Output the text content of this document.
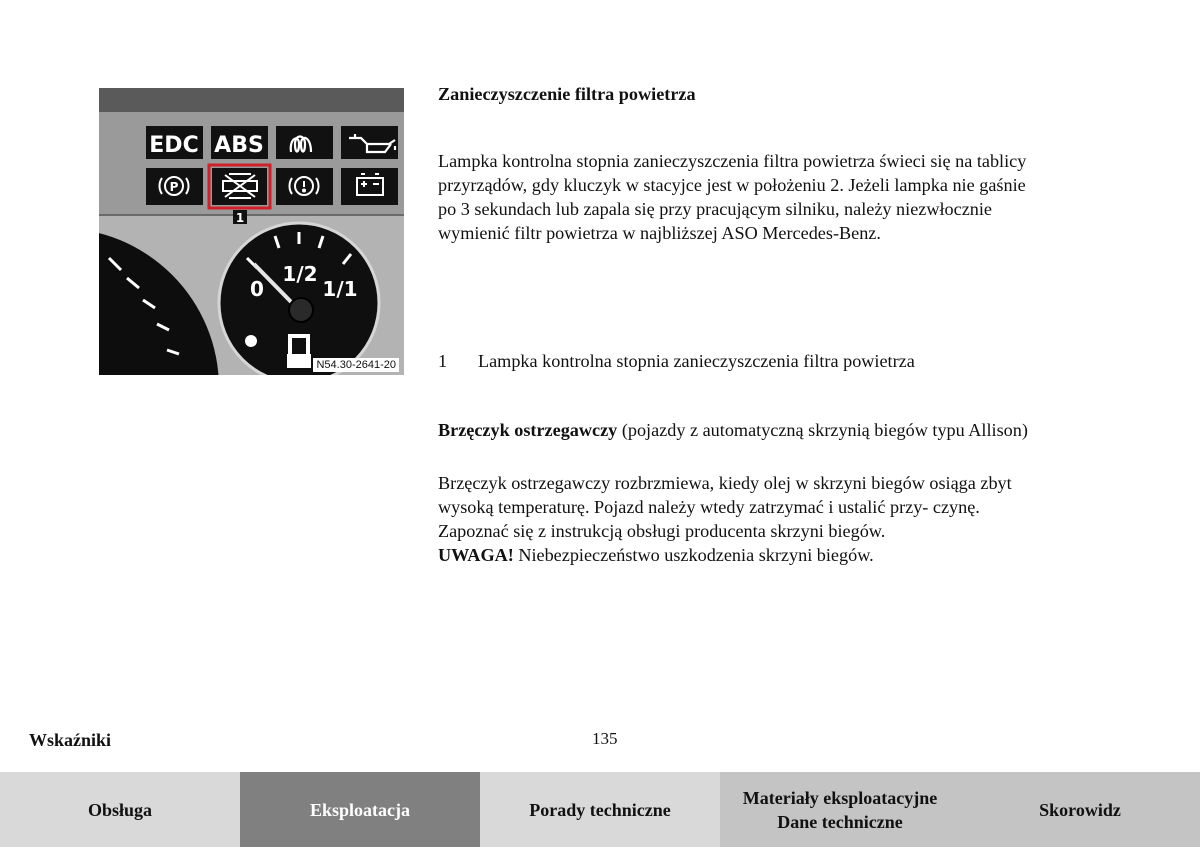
EDC ABS
P
1
0
1/2
1/1
N54.30-2641-20
Zanieczyszczenie filtra powietrza

Lampka kontrolna stopnia zanieczyszczenia filtra powietrza świeci się na tablicy przyrządów, gdy kluczyk w stacyjce jest w położeniu 2. Jeżeli lampka nie gaśnie po 3 sekundach lub zapala się przy pracującym silniku, należy niezwłocznie wymienić filtr powietrza w najbliższej ASO Mercedes-Benz.

1 Lampka kontrolna stopnia zanieczyszczenia filtra powietrza

Brzęczyk ostrzegawczy (pojazdy z automatyczną skrzynią biegów typu Allison)

Brzęczyk ostrzegawczy rozbrzmiewa, kiedy olej w skrzyni biegów osiąga zbyt wysoką temperaturę. Pojazd należy wtedy zatrzymać i ustalić przy- czynę.

Zapoznać się z instrukcją obsługi producenta skrzyni biegów.

UWAGA! Niebezpieczeństwo uszkodzenia skrzyni biegów.

Wskaźniki	135
Obsługa	Eksploatacja	Porady techniczne
Materiały eksploatacyjne
Dane techniczne
Skorowidz
